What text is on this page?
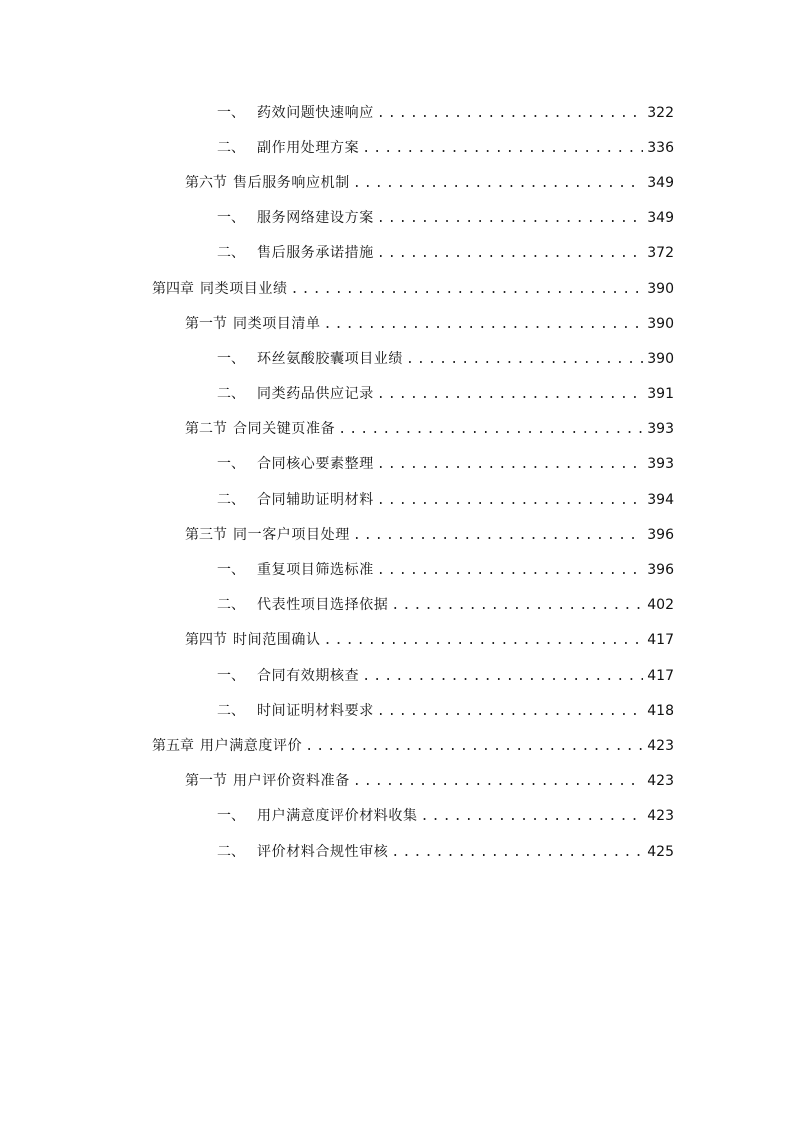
一、 药效问题快速响应 . . .	322
二、 副作用处理方案 . . .	336
第六节 售后服务响应机制 . . .	349
一、 服务网络建设方案 . . .	349
二、 售后服务承诺措施 . . .	372
第四章 同类项目业绩 . . .	390
第一节 同类项目清单 . . .	390
一、 环丝氨酸胶囊项目业绩 . . .	390
二、 同类药品供应记录 . . .	391
第二节 合同关键页准备 . . .	393
一、 合同核心要素整理 . . .	393
二、 合同辅助证明材料 . . .	394
第三节 同一客户项目处理 . . .	396
一、 重复项目筛选标准 . . .	396
二、 代表性项目选择依据 . . .	402
第四节 时间范围确认 . . .	417
一、 合同有效期核查 . . .	417
二、 时间证明材料要求 . . .	418
第五章 用户满意度评价 . . .	423
第一节 用户评价资料准备 . . .	423
一、 用户满意度评价材料收集 . . .	423
二、 评价材料合规性审核 . . .	425
